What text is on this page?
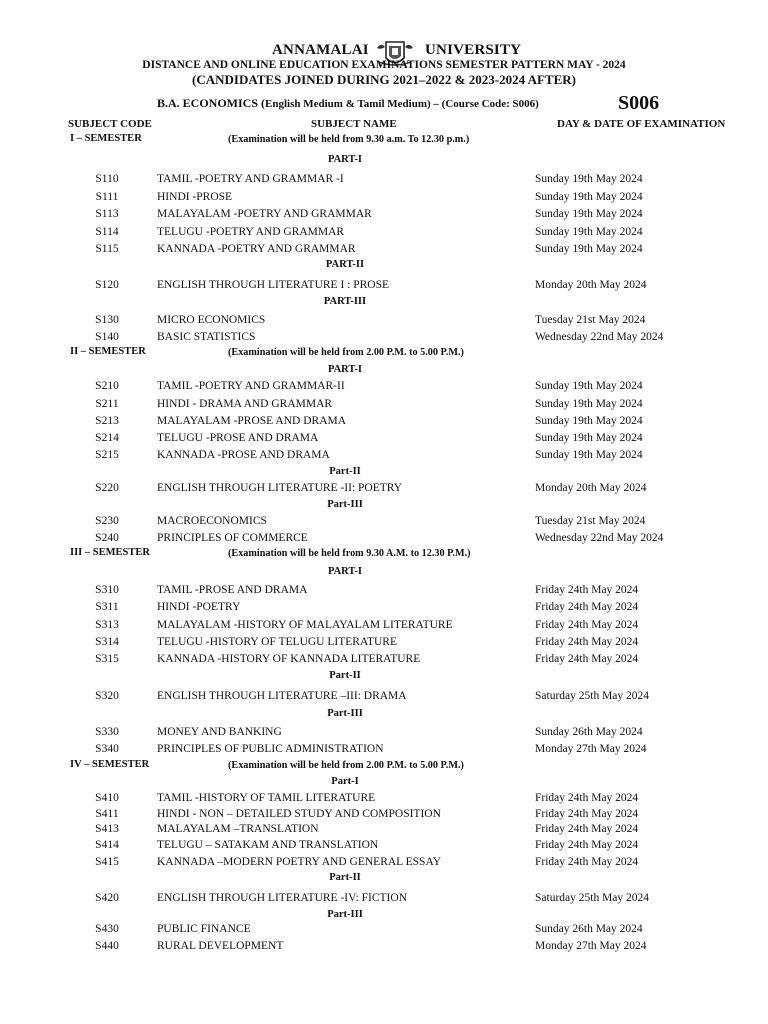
ANNAMALAI	UNIVERSITY
DISTANCE AND ONLINE EDUCATION EXAMINATIONS SEMESTER PATTERN MAY - 2024
(CANDIDATES JOINED DURING 2021–2022 & 2023-2024 AFTER)
B.A. ECONOMICS (English Medium & Tamil Medium) – (Course Code: S006)	S006
SUBJECT CODE	SUBJECT NAME	DAY & DATE OF EXAMINATION
I – SEMESTER	(Examination will be held from 9.30 a.m. To 12.30 p.m.)
PART-I
S110	TAMIL -POETRY AND GRAMMAR -I	Sunday 19th May 2024
S111	HINDI -PROSE	Sunday 19th May 2024
S113	MALAYALAM -POETRY AND GRAMMAR	Sunday 19th May 2024
S114	TELUGU -POETRY AND GRAMMAR	Sunday 19th May 2024
S115	KANNADA -POETRY AND GRAMMAR	Sunday 19th May 2024
PART-II
S120	ENGLISH THROUGH LITERATURE I : PROSE	Monday 20th May 2024
PART-III
S130	MICRO ECONOMICS	Tuesday 21st May 2024
S140	BASIC STATISTICS	Wednesday 22nd May 2024
II – SEMESTER	(Examination will be held from 2.00 P.M. to 5.00 P.M.)
PART-I
S210	TAMIL -POETRY AND GRAMMAR-II	Sunday 19th May 2024
S211	HINDI - DRAMA AND GRAMMAR	Sunday 19th May 2024
S213	MALAYALAM -PROSE AND DRAMA	Sunday 19th May 2024
S214	TELUGU -PROSE AND DRAMA	Sunday 19th May 2024
S215	KANNADA -PROSE AND DRAMA	Sunday 19th May 2024
Part-II
S220	ENGLISH THROUGH LITERATURE -II: POETRY	Monday 20th May 2024
Part-III
S230	MACROECONOMICS	Tuesday 21st May 2024
S240	PRINCIPLES OF COMMERCE	Wednesday 22nd May 2024
III – SEMESTER	(Examination will be held from 9.30 A.M. to 12.30 P.M.)
PART-I
S310	TAMIL -PROSE AND DRAMA	Friday 24th May 2024
S311	HINDI -POETRY	Friday 24th May 2024
S313	MALAYALAM -HISTORY OF MALAYALAM LITERATURE	Friday 24th May 2024
S314	TELUGU -HISTORY OF TELUGU LITERATURE	Friday 24th May 2024
S315	KANNADA -HISTORY OF KANNADA LITERATURE	Friday 24th May 2024
Part-II
S320	ENGLISH THROUGH LITERATURE –III: DRAMA	Saturday 25th May 2024
Part-III
S330	MONEY AND BANKING	Sunday 26th May 2024
S340	PRINCIPLES OF PUBLIC ADMINISTRATION	Monday 27th May 2024
IV – SEMESTER	(Examination will be held from 2.00 P.M. to 5.00 P.M.)
Part-I
S410	TAMIL -HISTORY OF TAMIL LITERATURE	Friday 24th May 2024
S411	HINDI - NON – DETAILED STUDY AND COMPOSITION	Friday 24th May 2024
S413	MALAYALAM –TRANSLATION	Friday 24th May 2024
S414	TELUGU – SATAKAM AND TRANSLATION	Friday 24th May 2024
S415	KANNADA –MODERN POETRY AND GENERAL ESSAY	Friday 24th May 2024
Part-II
S420	ENGLISH THROUGH LITERATURE -IV: FICTION	Saturday 25th May 2024
Part-III
S430	PUBLIC FINANCE	Sunday 26th May 2024
S440	RURAL DEVELOPMENT	Monday 27th May 2024
